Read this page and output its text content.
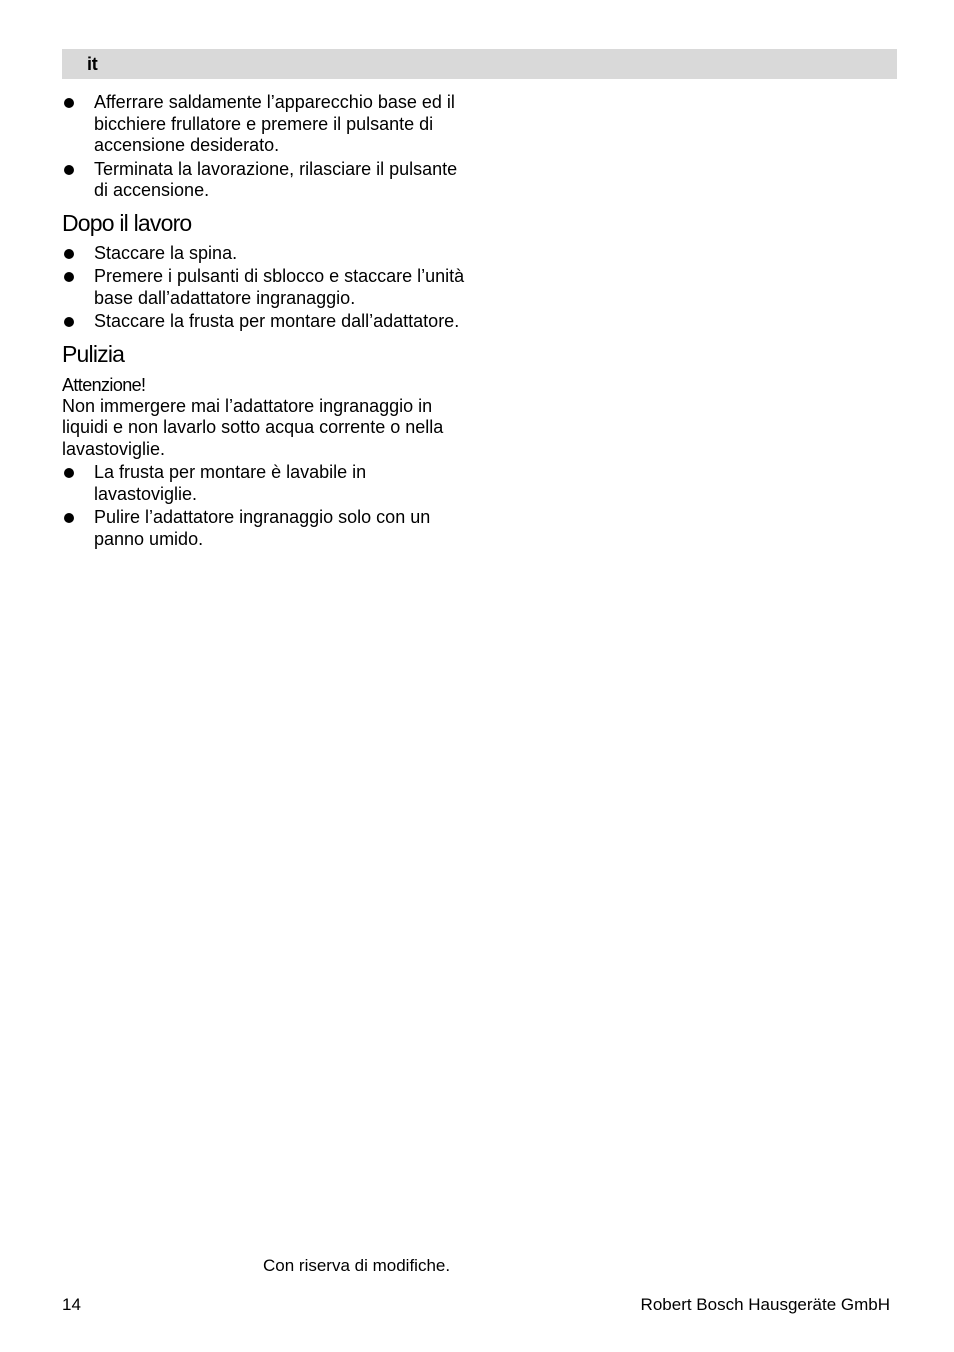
it
Afferrare saldamente l’apparecchio base ed il bicchiere frullatore e premere il pulsante di accensione desiderato.
Terminata la lavorazione, rilasciare il pulsante di accensione.
Dopo il lavoro
Staccare la spina.
Premere i pulsanti di sblocco e staccare l’unità base dall’adattatore ingranaggio.
Staccare la frusta per montare dall’adattatore.
Pulizia
Attenzione!
Non immergere mai l’adattatore ingranaggio in liquidi e non lavarlo sotto acqua corrente o nella lavastoviglie.
La frusta per montare è lavabile in lavastoviglie.
Pulire l’adattatore ingranaggio solo con un panno umido.
Con riserva di modifiche.
14	Robert Bosch Hausgeräte GmbH
